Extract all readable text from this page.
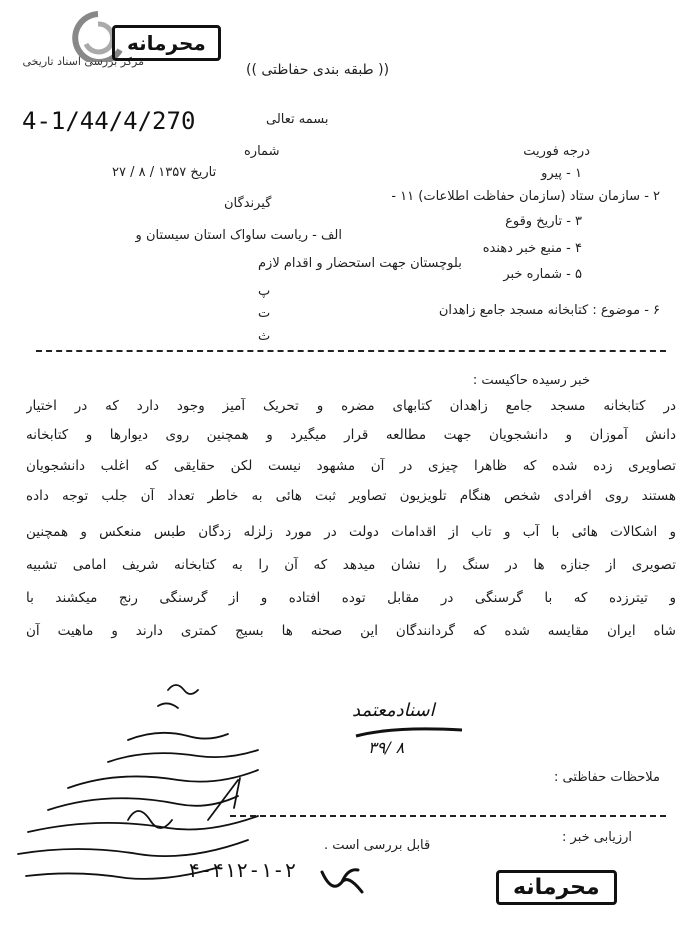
مرکز بررسی اسناد تاریخی
محرمانه
(( طبقه بندی حفاظتی ))
بسمه تعالی
4-1/44/4/270
شماره
تاریخ ۱۳۵۷ / ۸ / ۲۷
گیرندگان
الف - ریاست ساواک استان سیستان و
بلوچستان جهت استحضار و اقدام لازم
پ
ت
ث
درجه فوریت
۱ - پیرو
۲ - سازمان ستاد (سازمان حفاظت اطلاعات) ۱۱ -
۳ - تاریخ وقوع
۴ - منبع خبر دهنده
۵ - شماره خبر
۶ - موضوع : کتابخانه مسجد جامع زاهدان
خبر رسیده حاکیست :
در کتابخانه مسجد جامع زاهدان کتابهای مضره و تحریک آمیز وجود دارد که در اختیار
دانش آموزان و دانشجویان جهت مطالعه قرار میگیرد و همچنین روی دیوارها و کتابخانه
تصاویری زده شده که ظاهرا چیزی در آن مشهود نیست لکن حقایقی که اغلب دانشجویان
هستند روی افرادی شخص هنگام تلویزیون تصاویر ثبت هائی به خاطر تعداد آن جلب توجه داده
و اشکالات هائی با آب و تاب از اقدامات دولت در مورد زلزله زدگان طبس منعکس و همچنین
تصویری از جنازه ها در سنگ را نشان میدهد که آن را به کتابخانه شریف امامی تشبیه
و تیترزده که با گرسنگی در مقابل توده افتاده و از گرسنگی رنج میکشند با
شاه ایران مقایسه شده که گردانندگان این صحنه ها بسیج کمتری دارند و ماهیت آن
اسنادمعتمد
۳۹/ ۸
ملاحظات حفاظتی :
ارزیابی خبر :
قابل بررسی است .
۴-۴۱۲-۱-۲
محرمانه
